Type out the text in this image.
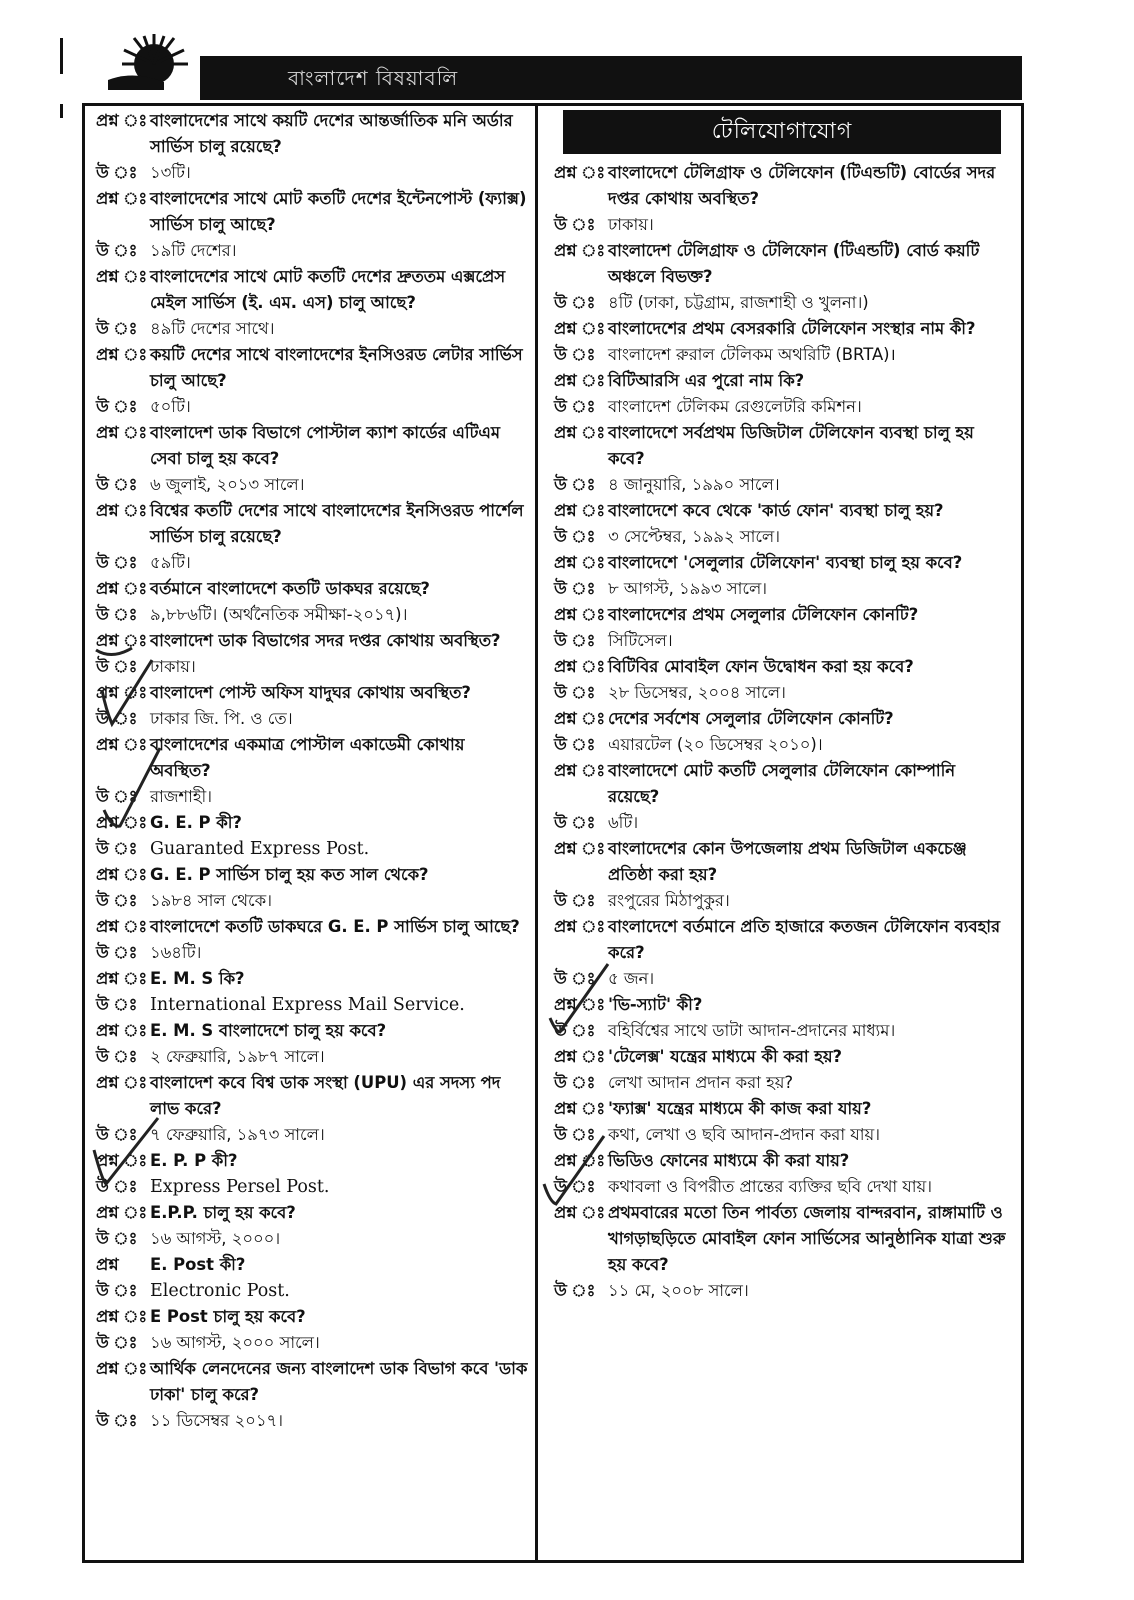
বাংলাদেশ বিষয়াবলি
প্রশ্ন ঃ বাংলাদেশের সাথে কয়টি দেশের আন্তর্জাতিক মনি অর্ডার সার্ভিস চালু রয়েছে?
উ ঃ ১৩টি।
প্রশ্ন ঃ বাংলাদেশের সাথে মোট কতটি দেশের ইন্টেনপোস্ট (ফ্যাক্স) সার্ভিস চালু আছে?
উ ঃ ১৯টি দেশের।
প্রশ্ন ঃ বাংলাদেশের সাথে মোট কতটি দেশের দ্রুততম এক্সপ্রেস মেইল সার্ভিস (ই. এম. এস) চালু আছে?
উ ঃ ৪৯টি দেশের সাথে।
প্রশ্ন ঃ কয়টি দেশের সাথে বাংলাদেশের ইনসিওরড লেটার সার্ভিস চালু আছে?
উ ঃ ৫০টি।
প্রশ্ন ঃ বাংলাদেশ ডাক বিভাগে পোস্টাল ক্যাশ কার্ডের এটিএম সেবা চালু হয় কবে?
উ ঃ ৬ জুলাই, ২০১৩ সালে।
প্রশ্ন ঃ বিশ্বের কতটি দেশের সাথে বাংলাদেশের ইনসিওরড পার্শেল সার্ভিস চালু রয়েছে?
উ ঃ ৫৯টি।
প্রশ্ন ঃ বর্তমানে বাংলাদেশে কতটি ডাকঘর রয়েছে?
উ ঃ ৯,৮৮৬টি। (অর্থনৈতিক সমীক্ষা-২০১৭)।
প্রশ্ন ঃ বাংলাদেশ ডাক বিভাগের সদর দপ্তর কোথায় অবস্থিত?
উ ঃ ঢাকায়।
প্রশ্ন ঃ বাংলাদেশ পোস্ট অফিস যাদুঘর কোথায় অবস্থিত?
উ ঃ ঢাকার জি. পি. ও তে।
প্রশ্ন ঃ বাংলাদেশের একমাত্র পোস্টাল একাডেমী কোথায় অবস্থিত?
উ ঃ রাজশাহী।
প্রশ্ন ঃ G. E. P কী?
উ ঃ Guaranted Express Post.
প্রশ্ন ঃ G. E. P সার্ভিস চালু হয় কত সাল থেকে?
উ ঃ ১৯৮৪ সাল থেকে।
প্রশ্ন ঃ বাংলাদেশে কতটি ডাকঘরে G. E. P সার্ভিস চালু আছে?
উ ঃ ১৬৪টি।
প্রশ্ন ঃ E. M. S কি?
উ ঃ International Express Mail Service.
প্রশ্ন ঃ E. M. S বাংলাদেশে চালু হয় কবে?
উ ঃ ২ ফেব্রুয়ারি, ১৯৮৭ সালে।
প্রশ্ন ঃ বাংলাদেশ কবে বিশ্ব ডাক সংস্থা (UPU) এর সদস্য পদ লাভ করে?
উ ঃ ৭ ফেব্রুয়ারি, ১৯৭৩ সালে।
প্রশ্ন ঃ E. P. P কী?
উ ঃ Express Persel Post.
প্রশ্ন ঃ E.P.P. চালু হয় কবে?
উ ঃ ১৬ আগস্ট, ২০০০।
প্রশ্ন	E. Post কী?
উ ঃ Electronic Post.
প্রশ্ন ঃ E Post চালু হয় কবে?
উ ঃ ১৬ আগস্ট, ২০০০ সালে।
প্রশ্ন ঃ আর্থিক লেনদেনের জন্য বাংলাদেশ ডাক বিভাগ কবে 'ডাক ঢাকা' চালু করে?
উ ঃ ১১ ডিসেম্বর ২০১৭।
টেলিযোগাযোগ
প্রশ্ন ঃ বাংলাদেশে টেলিগ্রাফ ও টেলিফোন (টিএন্ডটি) বোর্ডের সদর দপ্তর কোথায় অবস্থিত?
উ ঃ ঢাকায়।
প্রশ্ন ঃ বাংলাদেশ টেলিগ্রাফ ও টেলিফোন (টিএন্ডটি) বোর্ড কয়টি অঞ্চলে বিভক্ত?
উ ঃ ৪টি (ঢাকা, চট্টগ্রাম, রাজশাহী ও খুলনা।)
প্রশ্ন ঃ বাংলাদেশের প্রথম বেসরকারি টেলিফোন সংস্থার নাম কী?
উ ঃ বাংলাদেশ রুরাল টেলিকম অথরিটি (BRTA)।
প্রশ্ন ঃ বিটিআরসি এর পুরো নাম কি?
উ ঃ বাংলাদেশ টেলিকম রেগুলেটরি কমিশন।
প্রশ্ন ঃ বাংলাদেশে সর্বপ্রথম ডিজিটাল টেলিফোন ব্যবস্থা চালু হয় কবে?
উ ঃ ৪ জানুয়ারি, ১৯৯০ সালে।
প্রশ্ন ঃ বাংলাদেশে কবে থেকে 'কার্ড ফোন' ব্যবস্থা চালু হয়?
উ ঃ ৩ সেপ্টেম্বর, ১৯৯২ সালে।
প্রশ্ন ঃ বাংলাদেশে 'সেলুলার টেলিফোন' ব্যবস্থা চালু হয় কবে?
উ ঃ ৮ আগস্ট, ১৯৯৩ সালে।
প্রশ্ন ঃ বাংলাদেশের প্রথম সেলুলার টেলিফোন কোনটি?
উ ঃ সিটিসেল।
প্রশ্ন ঃ বিটিবির মোবাইল ফোন উদ্বোধন করা হয় কবে?
উ ঃ ২৮ ডিসেম্বর, ২০০৪ সালে।
প্রশ্ন ঃ দেশের সর্বশেষ সেলুলার টেলিফোন কোনটি?
উ ঃ এয়ারটেল (২০ ডিসেম্বর ২০১০)।
প্রশ্ন ঃ বাংলাদেশে মোট কতটি সেলুলার টেলিফোন কোম্পানি রয়েছে?
উ ঃ ৬টি।
প্রশ্ন ঃ বাংলাদেশের কোন উপজেলায় প্রথম ডিজিটাল একচেঞ্জ প্রতিষ্ঠা করা হয়?
উ ঃ রংপুরের মিঠাপুকুর।
প্রশ্ন ঃ বাংলাদেশে বর্তমানে প্রতি হাজারে কতজন টেলিফোন ব্যবহার করে?
উ ঃ ৫ জন।
প্রশ্ন ঃ 'ভি-স্যাট' কী?
উ ঃ বহির্বিশ্বের সাথে ডাটা আদান-প্রদানের মাধ্যম।
প্রশ্ন ঃ 'টেলেক্স' যন্ত্রের মাধ্যমে কী করা হয়?
উ ঃ লেখা আদান প্রদান করা হয়?
প্রশ্ন ঃ 'ফ্যাক্স' যন্ত্রের মাধ্যমে কী কাজ করা যায়?
উ ঃ কথা, লেখা ও ছবি আদান-প্রদান করা যায়।
প্রশ্ন ঃ ভিডিও ফোনের মাধ্যমে কী করা যায়?
উ ঃ কথাবলা ও বিপরীত প্রান্তের ব্যক্তির ছবি দেখা যায়।
প্রশ্ন ঃ প্রথমবারের মতো তিন পার্বত্য জেলায় বান্দরবান, রাঙ্গামাটি ও খাগড়াছড়িতে মোবাইল ফোন সার্ভিসের আনুষ্ঠানিক যাত্রা শুরু হয় কবে?
উ ঃ ১১ মে, ২০০৮ সালে।
